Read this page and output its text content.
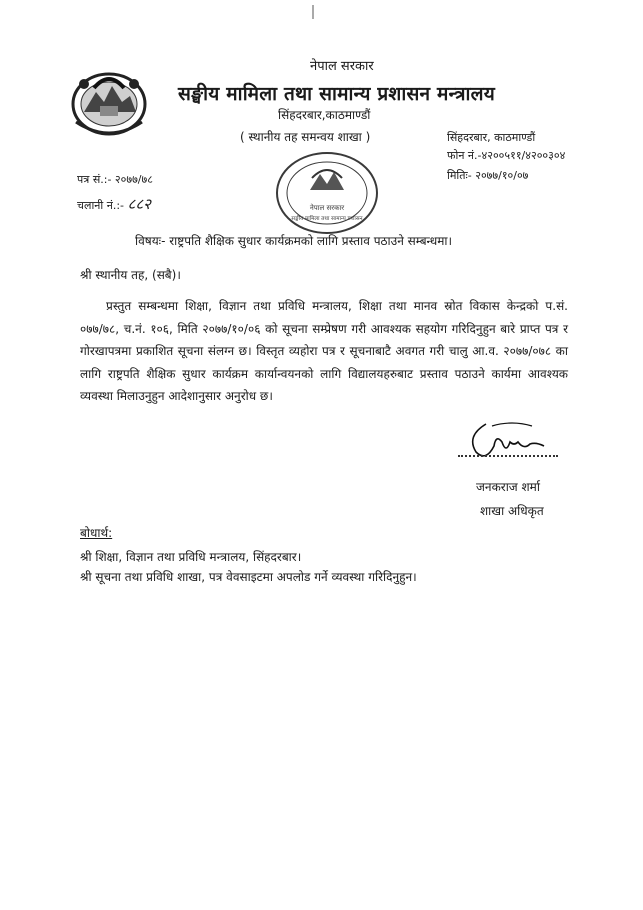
नेपाल सरकार
सङ्घीय मामिला तथा सामान्य प्रशासन मन्त्रालय
सिंहदरबार,काठमाण्डौं
( स्थानीय तह समन्वय शाखा )	सिंहदरबार, काठमाण्डौं
फोन नं.-४२००५११/४२००३०४
मितिः- २०७७/१०/०७
पत्र सं.:- २०७७/७८
चलानी नं.:- ८८२	नेपाल सरकार
सङ्घीय मामिला तथा सामान्य प्रशासन
विषयः- राष्ट्रपति शैक्षिक सुधार कार्यक्रमको लागि प्रस्ताव पठाउने सम्बन्धमा।
श्री स्थानीय तह, (सबै)।

प्रस्तुत सम्बन्धमा शिक्षा, विज्ञान तथा प्रविधि मन्त्रालय, शिक्षा तथा मानव स्रोत विकास केन्द्रको प.सं. ०७७/७८, च.नं. १०६, मिति २०७७/१०/०६ को सूचना सम्प्रेषण गरी आवश्यक सहयोग गरिदिनुहुन बारे प्राप्त पत्र र गोरखापत्रमा प्रकाशित सूचना संलग्न छ। विस्तृत व्यहोरा पत्र र सूचनाबाटै अवगत गरी चालु आ.व. २०७७/०७८ का लागि राष्ट्रपति शैक्षिक सुधार कार्यक्रम कार्यान्वयनको लागि विद्यालयहरुबाट प्रस्ताव पठाउने कार्यमा आवश्यक व्यवस्था मिलाउनुहुन आदेशानुसार अनुरोध छ।

जनकराज शर्मा
शाखा अधिकृत
बोधार्थ:
श्री शिक्षा, विज्ञान तथा प्रविधि मन्त्रालय, सिंहदरबार।
श्री सूचना तथा प्रविधि शाखा, पत्र वेवसाइटमा अपलोड गर्ने व्यवस्था गरिदिनुहुन।
